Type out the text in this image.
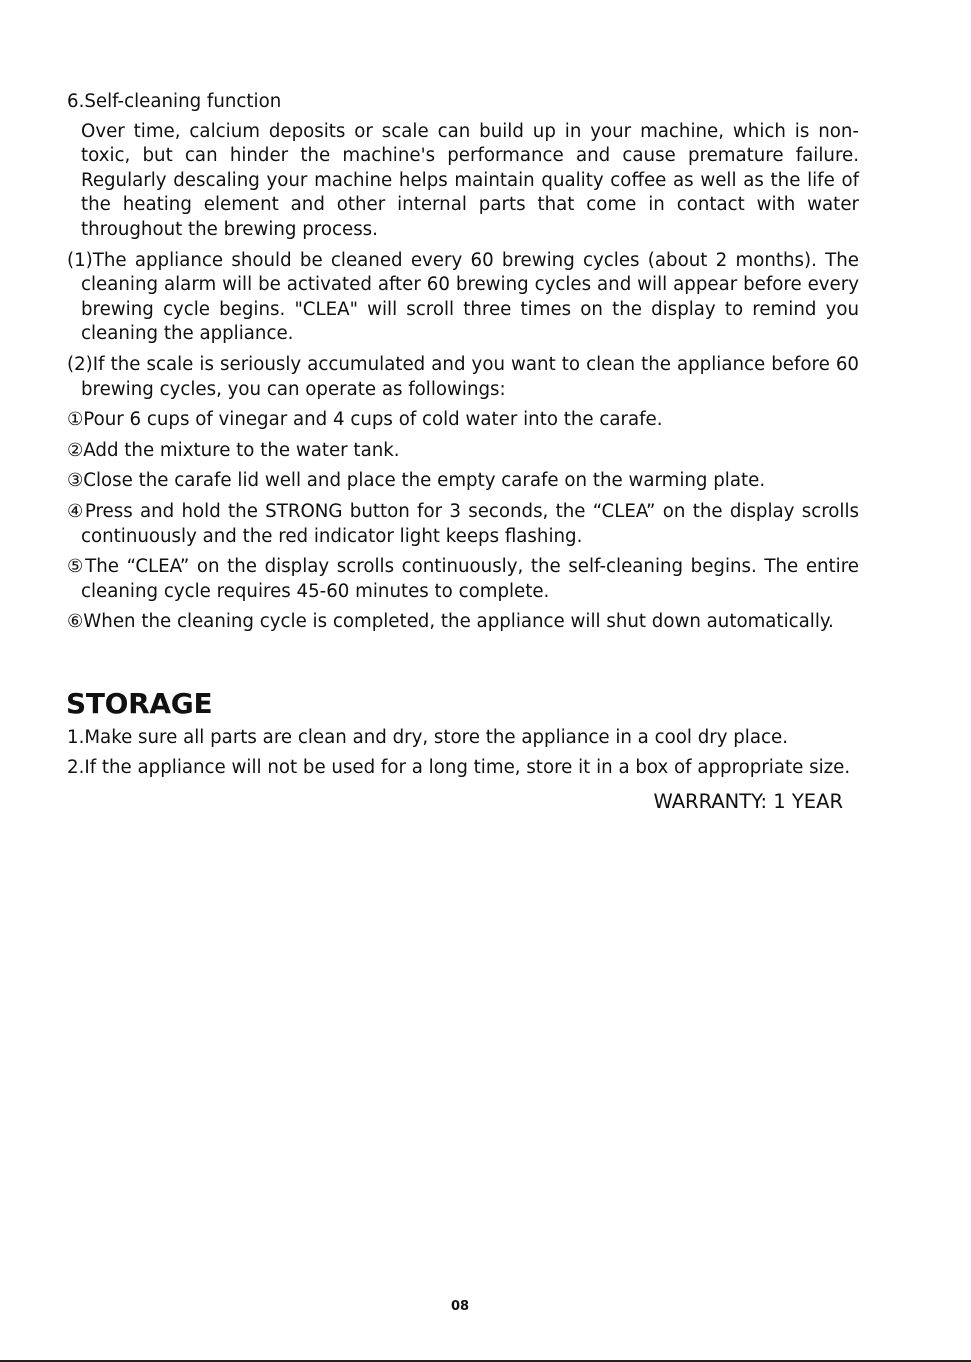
6.Self-cleaning function
Over time, calcium deposits or scale can build up in your machine, which is non-toxic, but can hinder the machine's performance and cause premature failure. Regularly descaling your machine helps maintain quality coffee as well as the life of the heating element and other internal parts that come in contact with water throughout the brewing process.
(1)The appliance should be cleaned every 60 brewing cycles (about 2 months). The cleaning alarm will be activated after 60 brewing cycles and will appear before every brewing cycle begins. "CLEA" will scroll three times on the display to remind you cleaning the appliance.
(2)If the scale is seriously accumulated and you want to clean the appliance before 60 brewing cycles, you can operate as followings:
①Pour 6 cups of vinegar and 4 cups of cold water into the carafe.
②Add the mixture to the water tank.
③Close the carafe lid well and place the empty carafe on the warming plate.
④Press and hold the STRONG button for 3 seconds, the “CLEA” on the display scrolls continuously and the red indicator light keeps flashing.
⑤The “CLEA” on the display scrolls continuously, the self-cleaning begins. The entire cleaning cycle requires 45-60 minutes to complete.
⑥When the cleaning cycle is completed, the appliance will shut down automatically.
STORAGE
1.Make sure all parts are clean and dry, store the appliance in a cool dry place.
2.If the appliance will not be used for a long time, store it in a box of appropriate size.
WARRANTY: 1 YEAR
08
